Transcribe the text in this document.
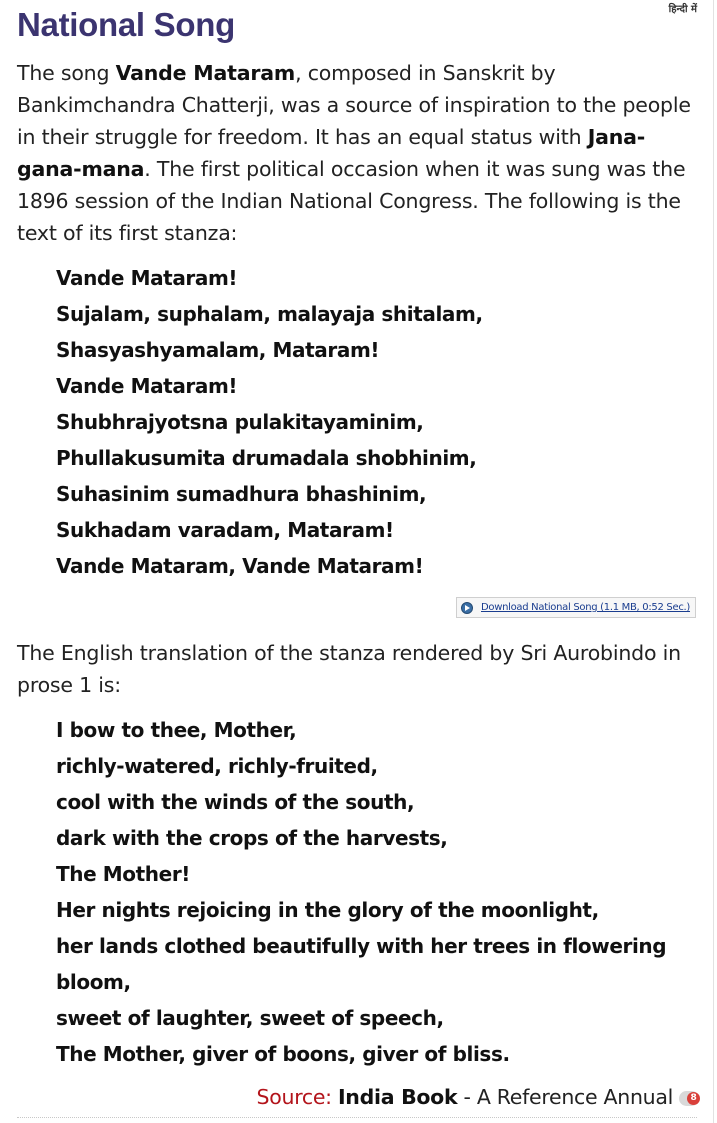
हिन्दी में
National Song

The song Vande Mataram, composed in Sanskrit by Bankimchandra Chatterji, was a source of inspiration to the people in their struggle for freedom. It has an equal status with Jana-gana-mana. The first political occasion when it was sung was the 1896 session of the Indian National Congress. The following is the text of its first stanza:

Vande Mataram!
Sujalam, suphalam, malayaja shitalam,
Shasyashyamalam, Mataram!
Vande Mataram!
Shubhrajyotsna pulakitayaminim,
Phullakusumita drumadala shobhinim,
Suhasinim sumadhura bhashinim,
Sukhadam varadam, Mataram!
Vande Mataram, Vande Mataram!
Download National Song (1.1 MB, 0:52 Sec.)

The English translation of the stanza rendered by Sri Aurobindo in prose 1 is:

I bow to thee, Mother,
richly-watered, richly-fruited,
cool with the winds of the south,
dark with the crops of the harvests,
The Mother!
Her nights rejoicing in the glory of the moonlight,
her lands clothed beautifully with her trees in flowering bloom,
sweet of laughter, sweet of speech,
The Mother, giver of boons, giver of bliss.
Source: India Book - A Reference Annual	8
